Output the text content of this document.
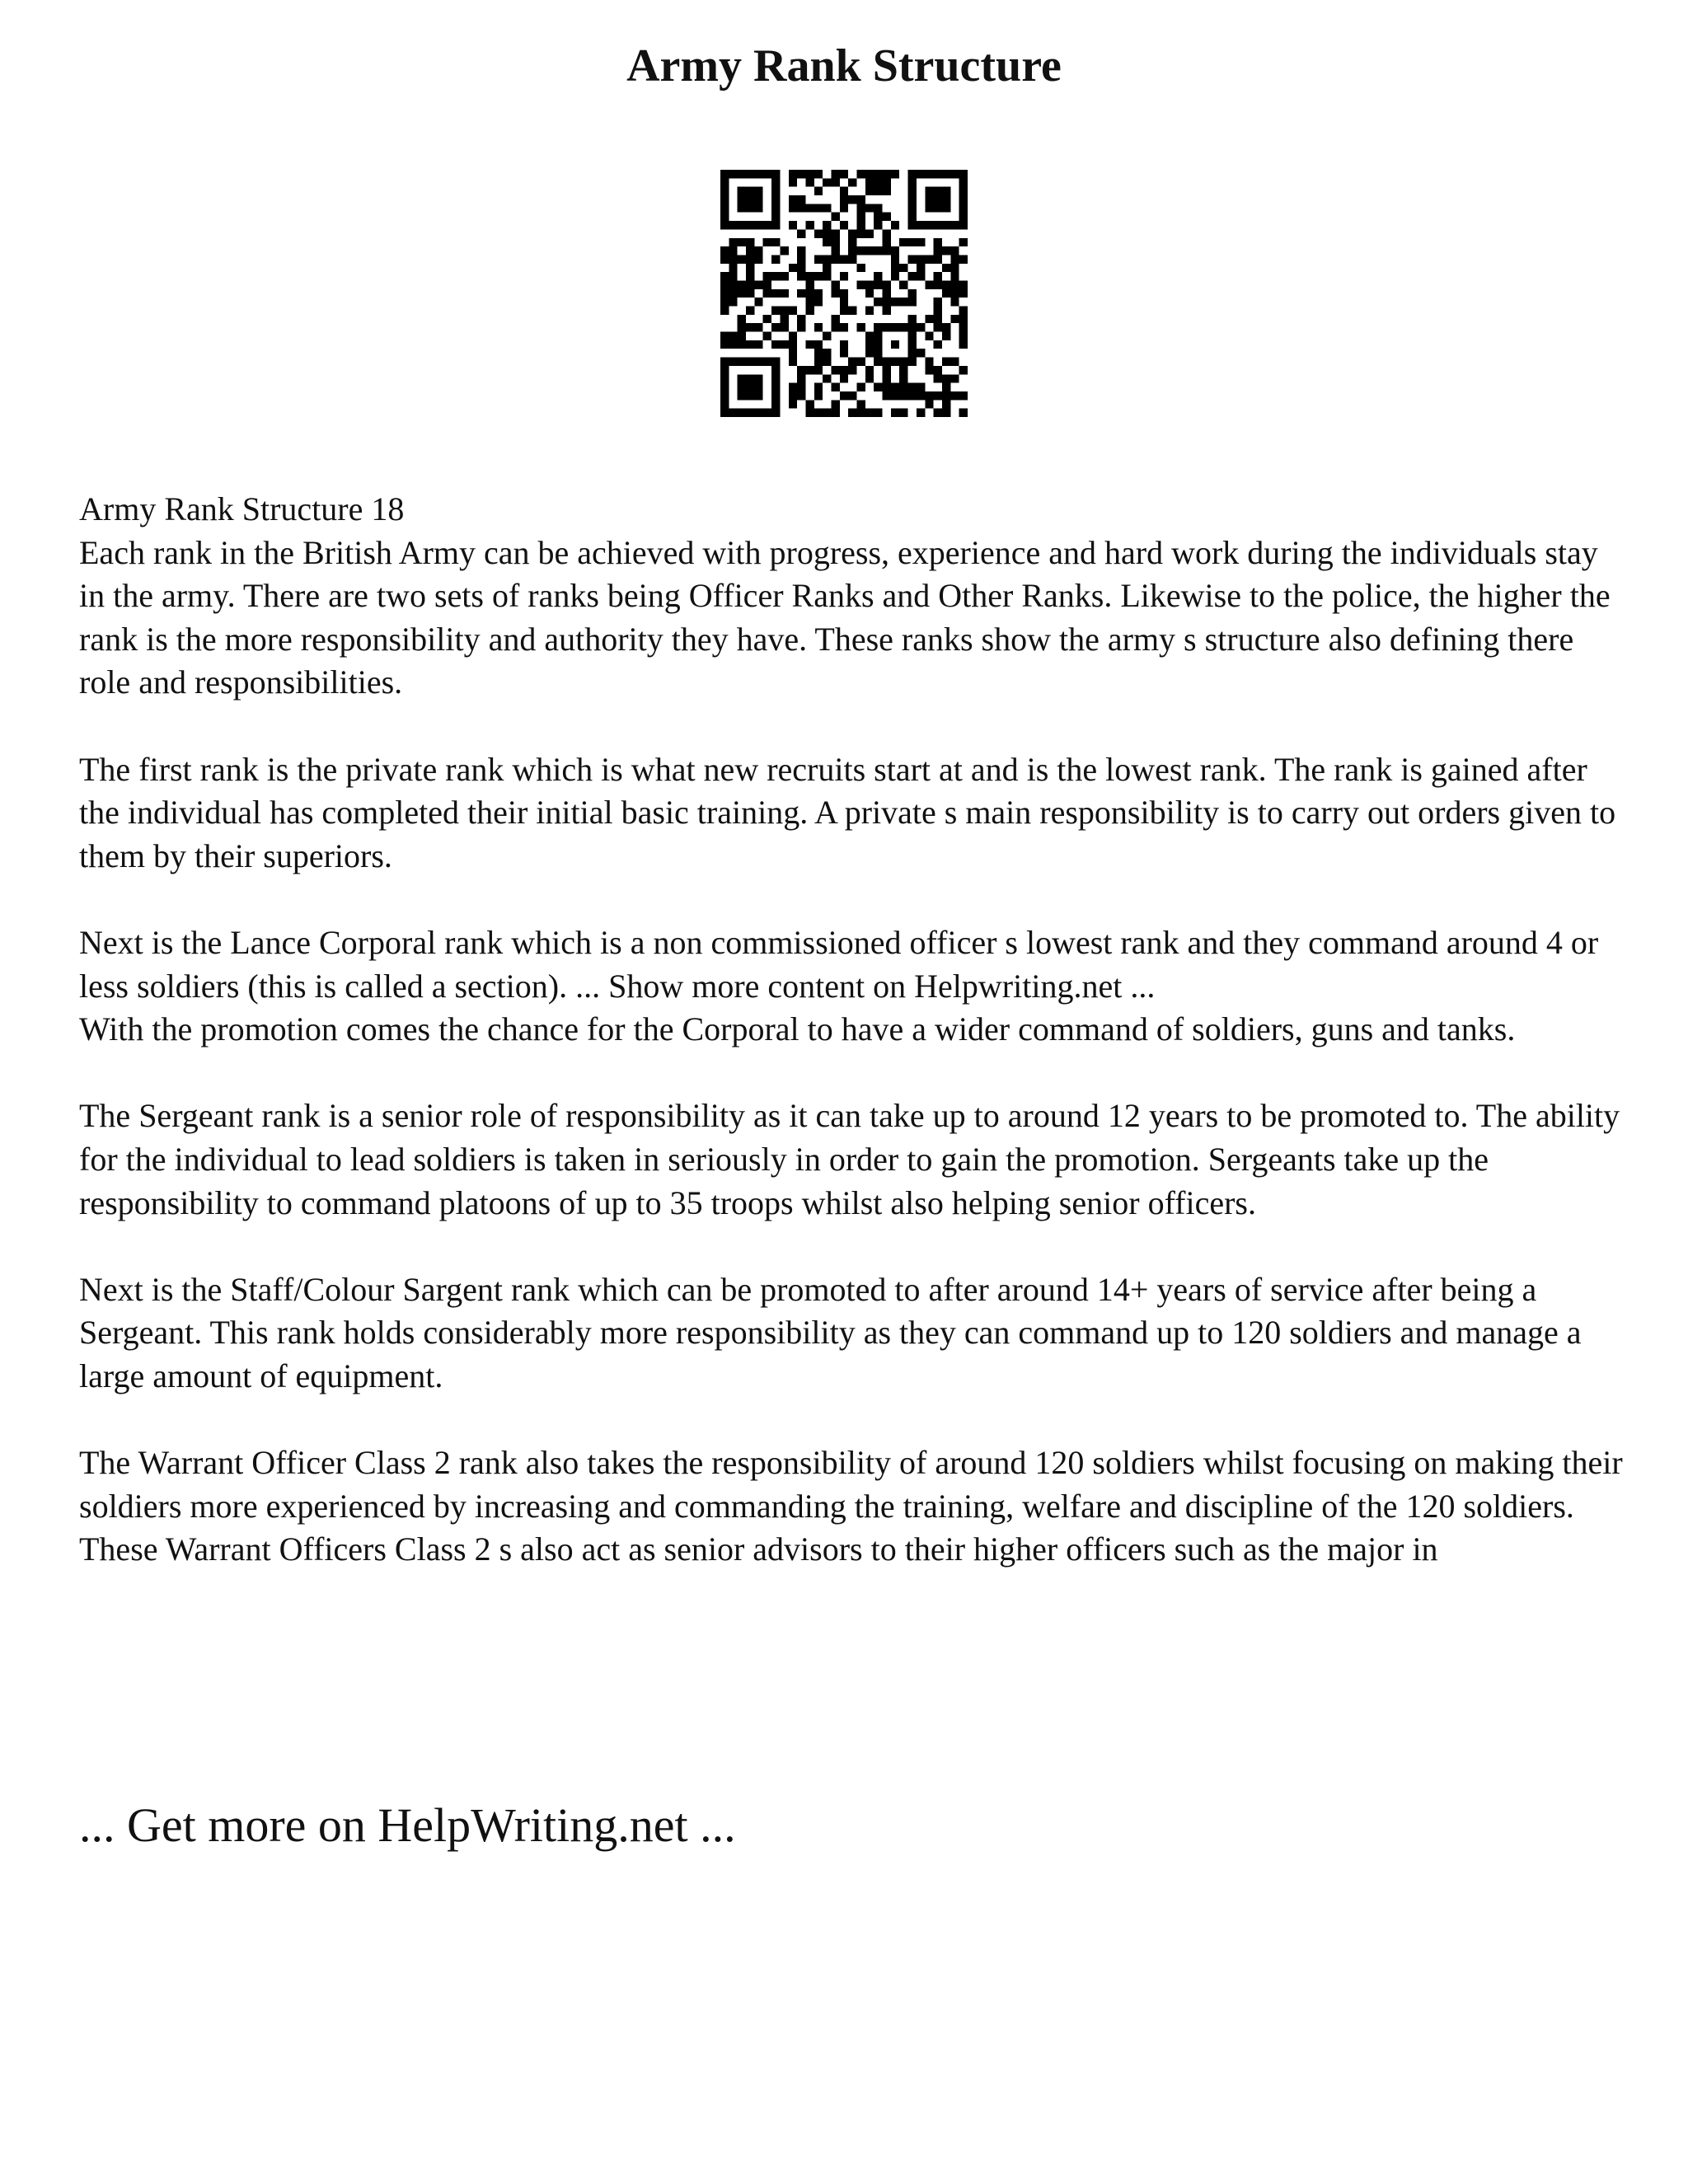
Army Rank Structure

Army Rank Structure 18

Each rank in the British Army can be achieved with progress, experience and hard work during the individuals stay in the army. There are two sets of ranks being Officer Ranks and Other Ranks. Likewise to the police, the higher the rank is the more responsibility and authority they have. These ranks show the army s structure also defining there role and responsibilities.

The first rank is the private rank which is what new recruits start at and is the lowest rank. The rank is gained after the individual has completed their initial basic training. A private s main responsibility is to carry out orders given to them by their superiors.

Next is the Lance Corporal rank which is a non commissioned officer s lowest rank and they command around 4 or less soldiers (this is called a section). ... Show more content on Helpwriting.net ...

With the promotion comes the chance for the Corporal to have a wider command of soldiers, guns and tanks.

The Sergeant rank is a senior role of responsibility as it can take up to around 12 years to be promoted to. The ability for the individual to lead soldiers is taken in seriously in order to gain the promotion. Sergeants take up the responsibility to command platoons of up to 35 troops whilst also helping senior officers.

Next is the Staff/Colour Sargent rank which can be promoted to after around 14+ years of service after being a Sergeant. This rank holds considerably more responsibility as they can command up to 120 soldiers and manage a large amount of equipment.

The Warrant Officer Class 2 rank also takes the responsibility of around 120 soldiers whilst focusing on making their soldiers more experienced by increasing and commanding the training, welfare and discipline of the 120 soldiers. These Warrant Officers Class 2 s also act as senior advisors to their higher officers such as the major in

... Get more on HelpWriting.net ...
